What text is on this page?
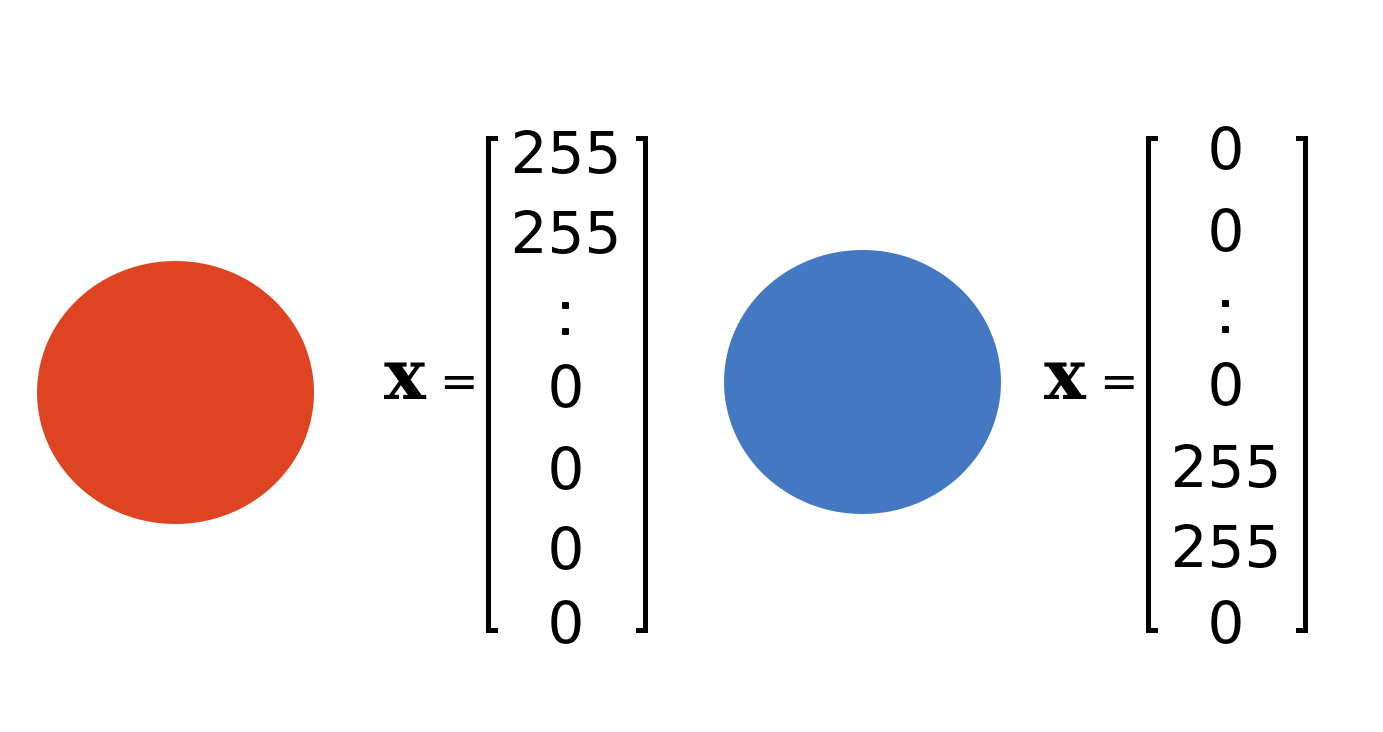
x =
255
255
0
0
0
0
x =
0
0
0
255
255
0
